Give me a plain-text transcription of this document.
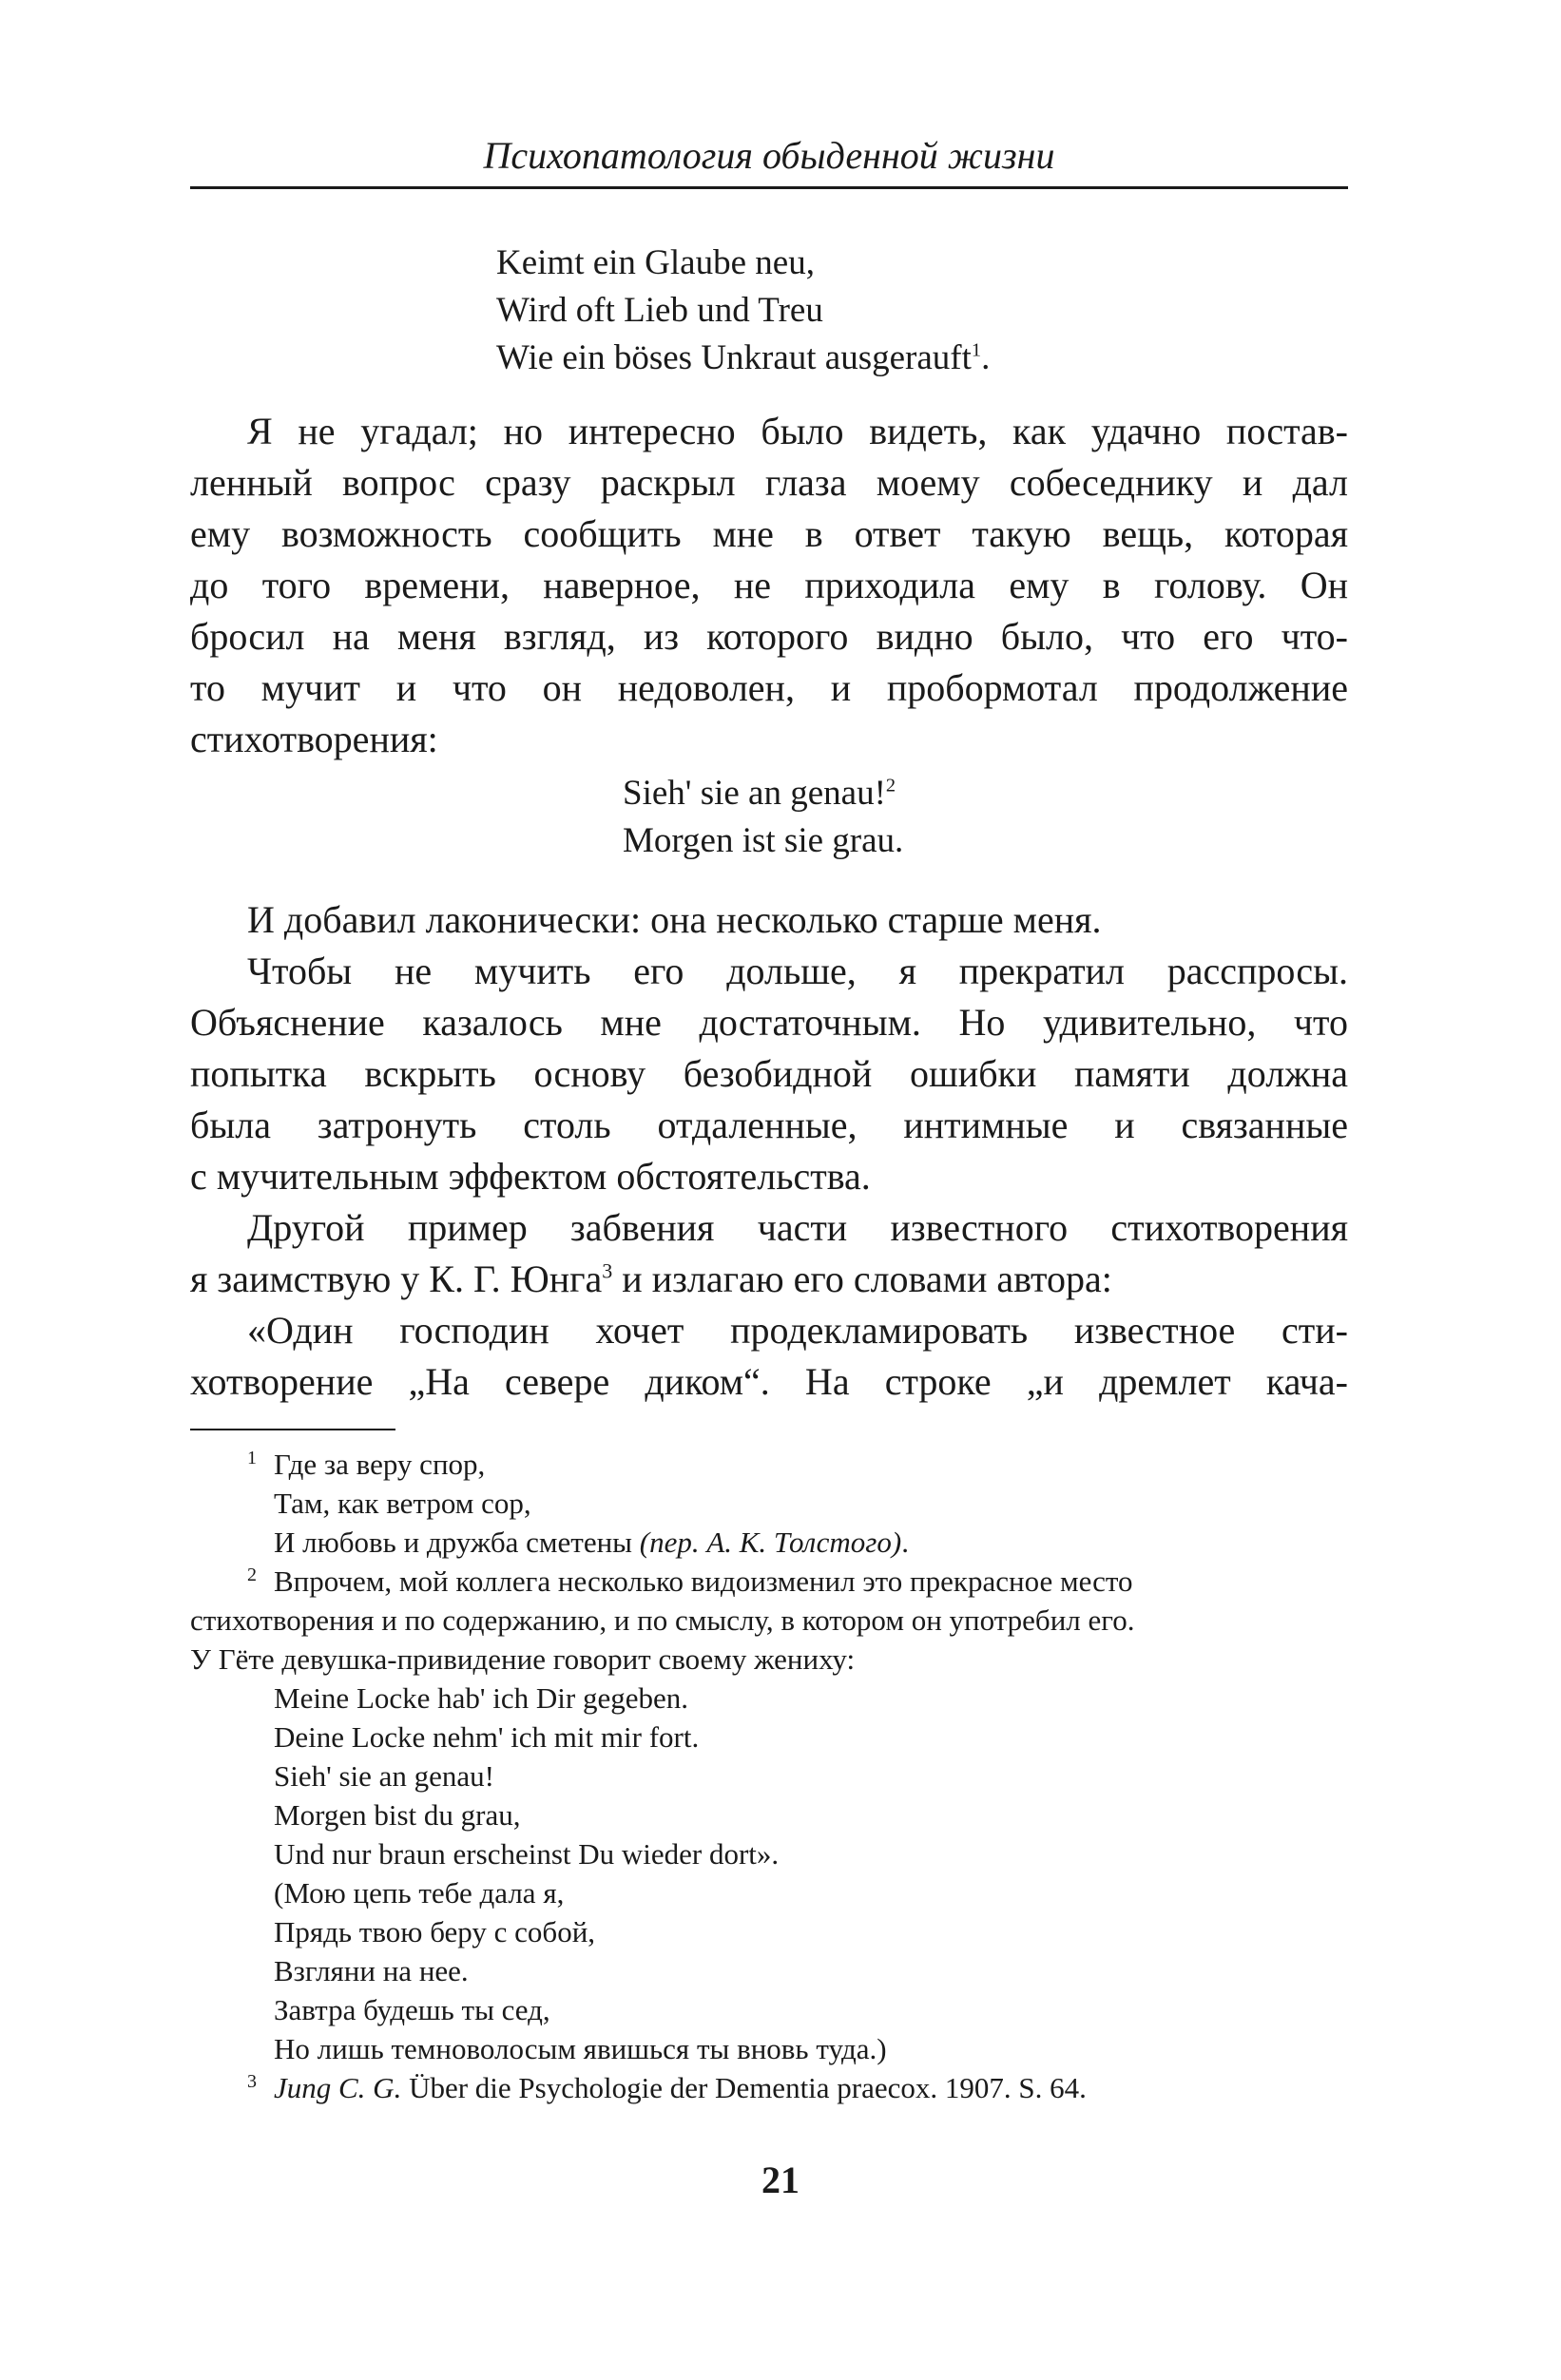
Психопатология обыденной жизни
Keimt ein Glaube neu,
Wird oft Lieb und Treu
Wie ein böses Unkraut ausgerauft$^1$.
Я не угадал; но интересно было видеть, как удачно постав-
ленный вопрос сразу раскрыл глаза моему собеседнику и дал
ему возможность сообщить мне в ответ такую вещь, которая
до того времени, наверное, не приходила ему в голову. Он
бросил на меня взгляд, из которого видно было, что его что-
то мучит и что он недоволен, и пробормотал продолжение
стихотворения:
Sieh' sie an genau!$^2$
Morgen ist sie grau.
И добавил лаконически: она несколько старше меня.
Чтобы не мучить его дольше, я прекратил расспросы.
Объяснение казалось мне достаточным. Но удивительно, что
попытка вскрыть основу безобидной ошибки памяти должна
была затронуть столь отдаленные, интимные и связанные
с мучительным эффектом обстоятельства.
Другой пример забвения части известного стихотворения
я заимствую у К. Г. Юнга$^3$ и излагаю его словами автора:
«Один господин хочет продекламировать известное сти-
хотворение „На севере диком“. На строке „и дремлет кача-
1 Где за веру спор,
Там, как ветром сор,
И любовь и дружба сметены (пер. А. К. Толстого).
2 Впрочем, мой коллега несколько видоизменил это прекрасное место
стихотворения и по содержанию, и по смыслу, в котором он употребил его.
У Гёте девушка-привидение говорит своему жениху:
Meine Locke hab' ich Dir gegeben.
Deine Locke nehm' ich mit mir fort.
Sieh' sie an genau!
Morgen bist du grau,
Und nur braun erscheinst Du wieder dort».
(Мою цепь тебе дала я,
Прядь твою беру с собой,
Взгляни на нее.
Завтра будешь ты сед,
Но лишь темноволосым явишься ты вновь туда.)
3 Jung C. G. Über die Psychologie der Dementia praecox. 1907. S. 64.
21
